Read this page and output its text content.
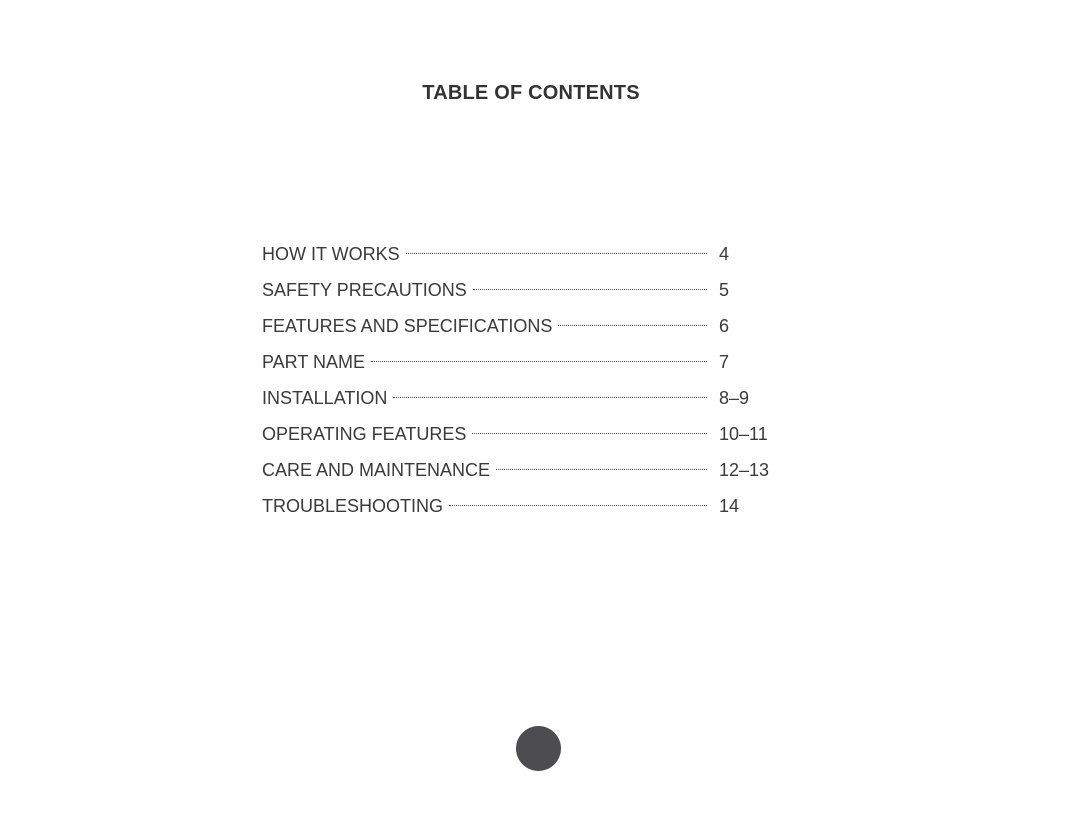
TABLE OF CONTENTS
HOW IT WORKS	4
SAFETY PRECAUTIONS	5
FEATURES AND SPECIFICATIONS	6
PART NAME	7
INSTALLATION	8–9
OPERATING FEATURES	10–11
CARE AND MAINTENANCE	12–13
TROUBLESHOOTING	14
